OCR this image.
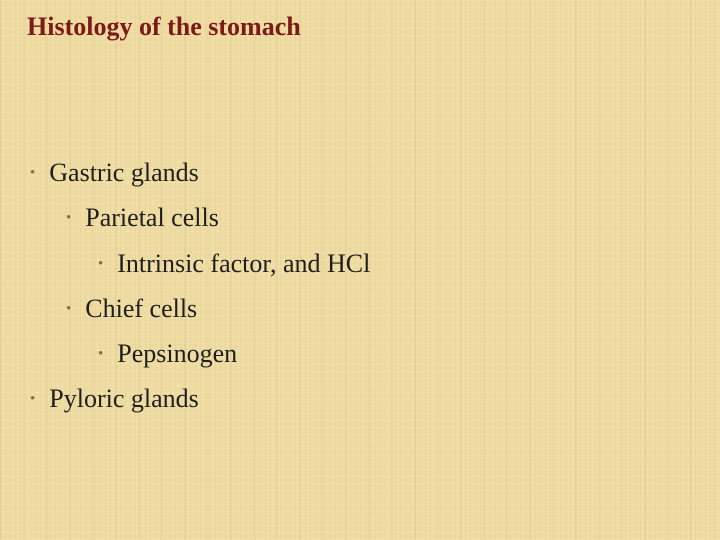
Histology of the stomach
• Gastric glands
• Parietal cells
• Intrinsic factor, and HCl
• Chief cells
• Pepsinogen
• Pyloric glands
